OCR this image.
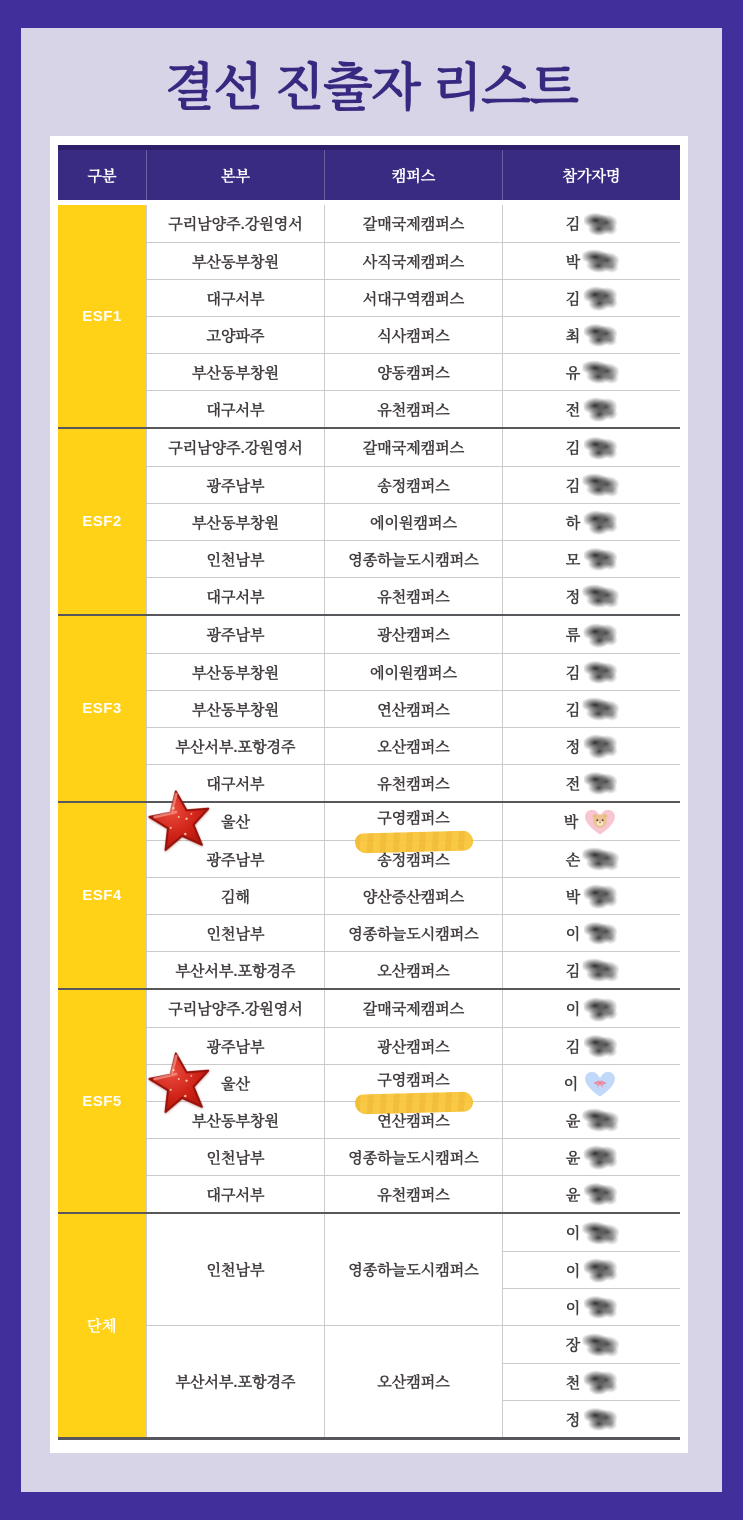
결선 진출자 리스트
구분	본부	캠퍼스	참가자명
ESF1
구리남양주.강원영서	갈매국제캠퍼스	김
부산동부창원	사직국제캠퍼스	박
대구서부	서대구역캠퍼스	김
고양파주	식사캠퍼스	최
부산동부창원	양동캠퍼스	유
대구서부	유천캠퍼스	전
ESF2
구리남양주.강원영서	갈매국제캠퍼스	김
광주남부	송정캠퍼스	김
부산동부창원	에이원캠퍼스	하
인천남부	영종하늘도시캠퍼스	모
대구서부	유천캠퍼스	정
ESF3
광주남부	광산캠퍼스	류
부산동부창원	에이원캠퍼스	김
부산동부창원	연산캠퍼스	김
부산서부.포항경주	오산캠퍼스	정
대구서부	유천캠퍼스	전
ESF4
울산	구영캠퍼스	박
광주남부	송정캠퍼스	손
김해	양산증산캠퍼스	박
인천남부	영종하늘도시캠퍼스	이
부산서부.포항경주	오산캠퍼스	김
ESF5
구리남양주.강원영서	갈매국제캠퍼스	이
광주남부	광산캠퍼스	김
울산	구영캠퍼스	이
부산동부창원	연산캠퍼스	윤
인천남부	영종하늘도시캠퍼스	윤
대구서부	유천캠퍼스	윤
단체
인천남부	영종하늘도시캠퍼스
이
이
이
부산서부.포항경주	오산캠퍼스
장
천
정
